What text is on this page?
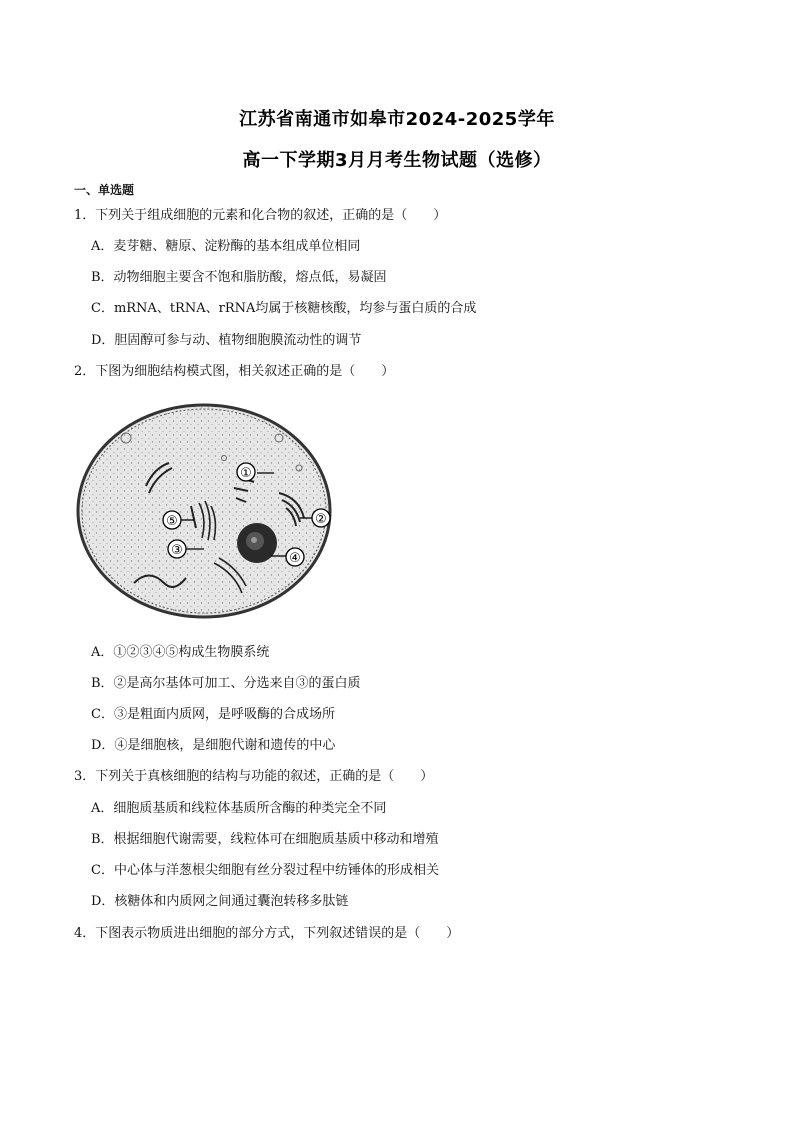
江苏省南通市如皋市2024-2025学年
高一下学期3月月考生物试题（选修）
一、单选题
1．下列关于组成细胞的元素和化合物的叙述，正确的是（　　）
A．麦芽糖、糖原、淀粉酶的基本组成单位相同
B．动物细胞主要含不饱和脂肪酸，熔点低，易凝固
C．mRNA、tRNA、rRNA均属于核糖核酸，均参与蛋白质的合成
D．胆固醇可参与动、植物细胞膜流动性的调节
2．下图为细胞结构模式图，相关叙述正确的是（　　）
①
②
③
④
⑤
A．①②③④⑤构成生物膜系统
B．②是高尔基体可加工、分选来自③的蛋白质
C．③是粗面内质网，是呼吸酶的合成场所
D．④是细胞核，是细胞代谢和遗传的中心
3．下列关于真核细胞的结构与功能的叙述，正确的是（　　）
A．细胞质基质和线粒体基质所含酶的种类完全不同
B．根据细胞代谢需要，线粒体可在细胞质基质中移动和增殖
C．中心体与洋葱根尖细胞有丝分裂过程中纺锤体的形成相关
D．核糖体和内质网之间通过囊泡转移多肽链
4．下图表示物质进出细胞的部分方式，下列叙述错误的是（　　）
